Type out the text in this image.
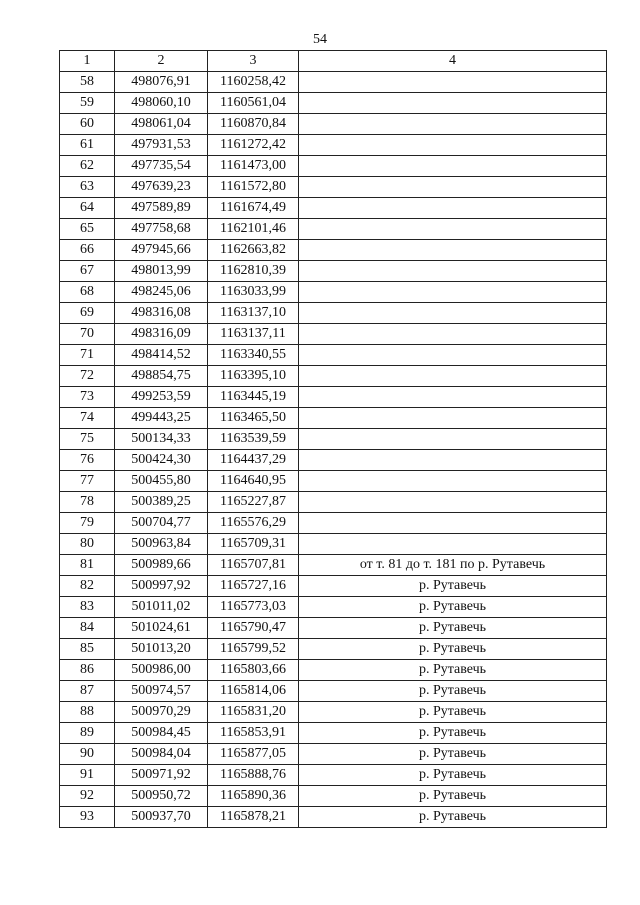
54
1	2	3	4
58	498076,91	1160258,42	
59	498060,10	1160561,04	
60	498061,04	1160870,84	
61	497931,53	1161272,42	
62	497735,54	1161473,00	
63	497639,23	1161572,80	
64	497589,89	1161674,49	
65	497758,68	1162101,46	
66	497945,66	1162663,82	
67	498013,99	1162810,39	
68	498245,06	1163033,99	
69	498316,08	1163137,10	
70	498316,09	1163137,11	
71	498414,52	1163340,55	
72	498854,75	1163395,10	
73	499253,59	1163445,19	
74	499443,25	1163465,50	
75	500134,33	1163539,59	
76	500424,30	1164437,29	
77	500455,80	1164640,95	
78	500389,25	1165227,87	
79	500704,77	1165576,29	
80	500963,84	1165709,31	
81	500989,66	1165707,81	от т. 81 до т. 181 по р. Рутавечь
82	500997,92	1165727,16	р. Рутавечь
83	501011,02	1165773,03	р. Рутавечь
84	501024,61	1165790,47	р. Рутавечь
85	501013,20	1165799,52	р. Рутавечь
86	500986,00	1165803,66	р. Рутавечь
87	500974,57	1165814,06	р. Рутавечь
88	500970,29	1165831,20	р. Рутавечь
89	500984,45	1165853,91	р. Рутавечь
90	500984,04	1165877,05	р. Рутавечь
91	500971,92	1165888,76	р. Рутавечь
92	500950,72	1165890,36	р. Рутавечь
93	500937,70	1165878,21	р. Рутавечь
